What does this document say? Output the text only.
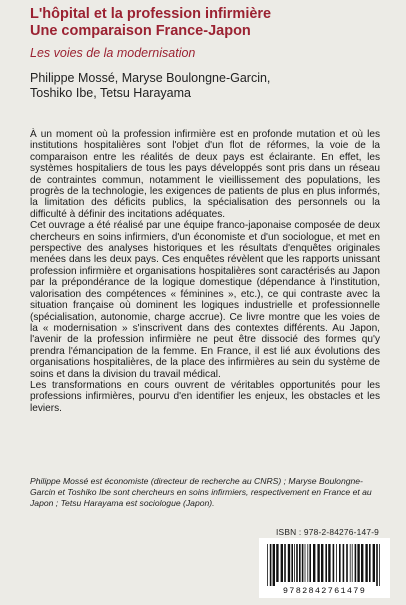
L'hôpital et la profession infirmière
Une comparaison France-Japon
Les voies de la modernisation
Philippe Mossé, Maryse Boulongne-Garcin,
Toshiko Ibe, Tetsu Harayama

À un moment où la profession infirmière est en profonde mutation et où les institutions hospitalières sont l'objet d'un flot de réformes, la voie de la comparaison entre les réalités de deux pays est éclairante. En effet, les systèmes hospitaliers de tous les pays développés sont pris dans un réseau de contraintes commun, notamment le vieillissement des populations, les progrès de la technologie, les exigences de patients de plus en plus informés, la limitation des déficits publics, la spécialisation des personnels ou la difficulté à définir des incitations adéquates.

Cet ouvrage a été réalisé par une équipe franco-japonaise composée de deux chercheurs en soins infirmiers, d'un économiste et d'un sociologue, et met en perspective des analyses historiques et les résultats d'enquêtes originales menées dans les deux pays. Ces enquêtes révèlent que les rapports unissant profession infirmière et organisations hospitalières sont caractérisés au Japon par la prépondérance de la logique domestique (dépendance à l'institution, valorisation des compétences « féminines », etc.), ce qui contraste avec la situation française où dominent les logiques industrielle et professionnelle (spécialisation, autonomie, charge accrue). Ce livre montre que les voies de la « modernisation » s'inscrivent dans des contextes différents. Au Japon, l'avenir de la profession infirmière ne peut être dissocié des formes qu'y prendra l'émancipation de la femme. En France, il est lié aux évolutions des organisations hospitalières, de la place des infirmières au sein du système de soins et dans la division du travail médical.

Les transformations en cours ouvrent de véritables opportunités pour les professions infirmières, pourvu d'en identifier les enjeux, les obstacles et les leviers.

Philippe Mossé est économiste (directeur de recherche au CNRS) ; Maryse Boulongne-Garcin et Toshiko Ibe sont chercheurs en soins infirmiers, respectivement en France et au Japon ; Tetsu Harayama est sociologue (Japon).
ISBN : 978-2-84276-147-9
9782842761479
